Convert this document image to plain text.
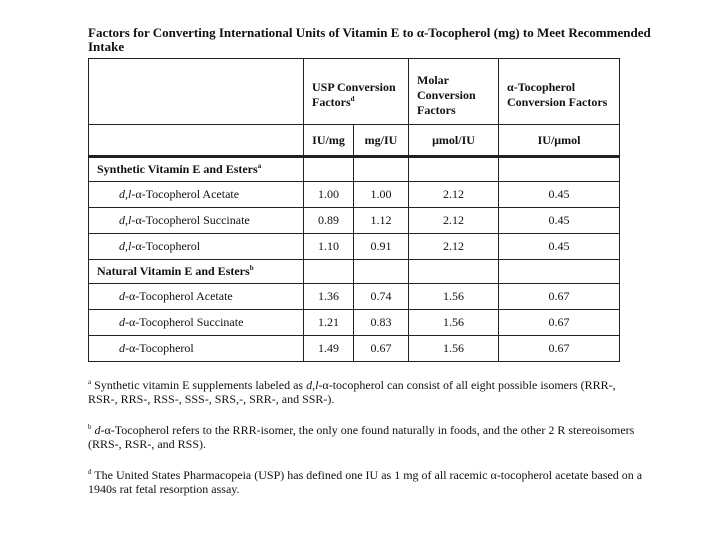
Factors for Converting International Units of Vitamin E to α-Tocopherol (mg) to Meet Recommended Intake
	USP Conversion Factors$^d$		Molar Conversion Factors	α-Tocopherol Conversion Factors
	IU/mg	mg/IU	μmol/IU	IU/μmol
Synthetic Vitamin E and Esters$^a$				
d,l-α-Tocopherol Acetate	1.00	1.00	2.12	0.45
d,l-α-Tocopherol Succinate	0.89	1.12	2.12	0.45
d,l-α-Tocopherol	1.10	0.91	2.12	0.45
Natural Vitamin E and Esters$^b$				
d-α-Tocopherol Acetate	1.36	0.74	1.56	0.67
d-α-Tocopherol Succinate	1.21	0.83	1.56	0.67
d-α-Tocopherol	1.49	0.67	1.56	0.67
$^a$ Synthetic vitamin E supplements labeled as d,l-α-tocopherol can consist of all eight possible isomers (RRR-, RSR-, RRS-, RSS-, SSS-, SRS,-, SRR-, and SSR-).
$^b$ d-α-Tocopherol refers to the RRR-isomer, the only one found naturally in foods, and the other 2 R stereoisomers (RRS-, RSR-, and RSS).
$^d$ The United States Pharmacopeia (USP) has defined one IU as 1 mg of all racemic α-tocopherol acetate based on a 1940s rat fetal resorption assay.
